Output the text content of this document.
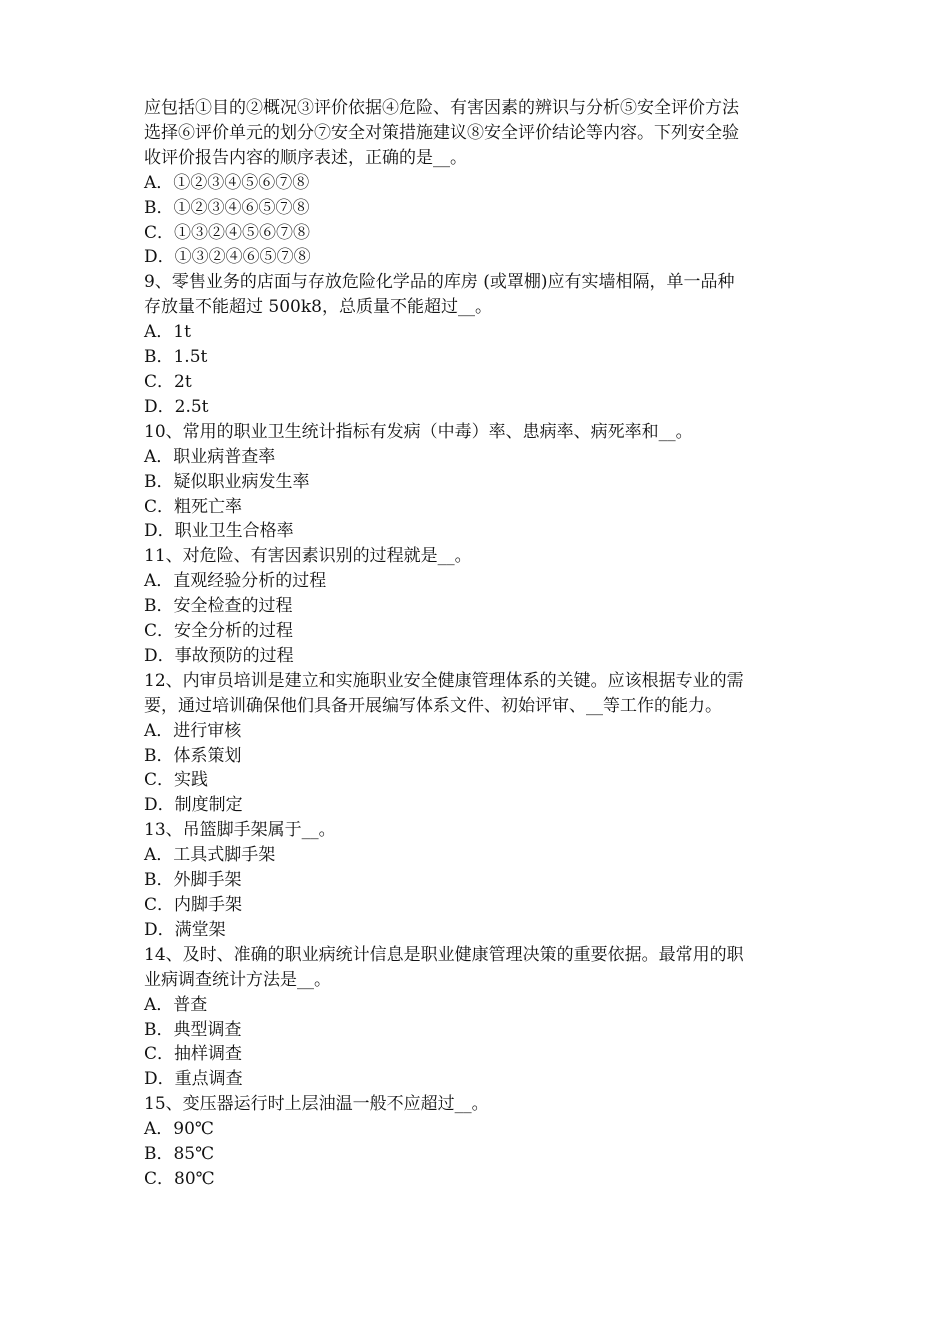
应包括①目的②概况③评价依据④危险、有害因素的辨识与分析⑤安全评价方法
选择⑥评价单元的划分⑦安全对策措施建议⑧安全评价结论等内容。下列安全验
收评价报告内容的顺序表述，正确的是__。
A．①②③④⑤⑥⑦⑧
B．①②③④⑥⑤⑦⑧
C．①③②④⑤⑥⑦⑧
D．①③②④⑥⑤⑦⑧
9、零售业务的店面与存放危险化学品的库房 (或罩棚)应有实墙相隔，单一品种
存放量不能超过 500k8，总质量不能超过__。
A．1t
B．1.5t
C．2t
D．2.5t
10、常用的职业卫生统计指标有发病（中毒）率、患病率、病死率和__。
A．职业病普查率
B．疑似职业病发生率
C．粗死亡率
D．职业卫生合格率
11、对危险、有害因素识别的过程就是__。
A．直观经验分析的过程
B．安全检查的过程
C．安全分析的过程
D．事故预防的过程
12、内审员培训是建立和实施职业安全健康管理体系的关键。应该根据专业的需
要，通过培训确保他们具备开展编写体系文件、初始评审、__等工作的能力。
A．进行审核
B．体系策划
C．实践
D．制度制定
13、吊篮脚手架属于__。
A．工具式脚手架
B．外脚手架
C．内脚手架
D．满堂架
14、及时、准确的职业病统计信息是职业健康管理决策的重要依据。最常用的职
业病调查统计方法是__。
A．普查
B．典型调查
C．抽样调查
D．重点调查
15、变压器运行时上层油温一般不应超过__。
A．90℃
B．85℃
C．80℃
